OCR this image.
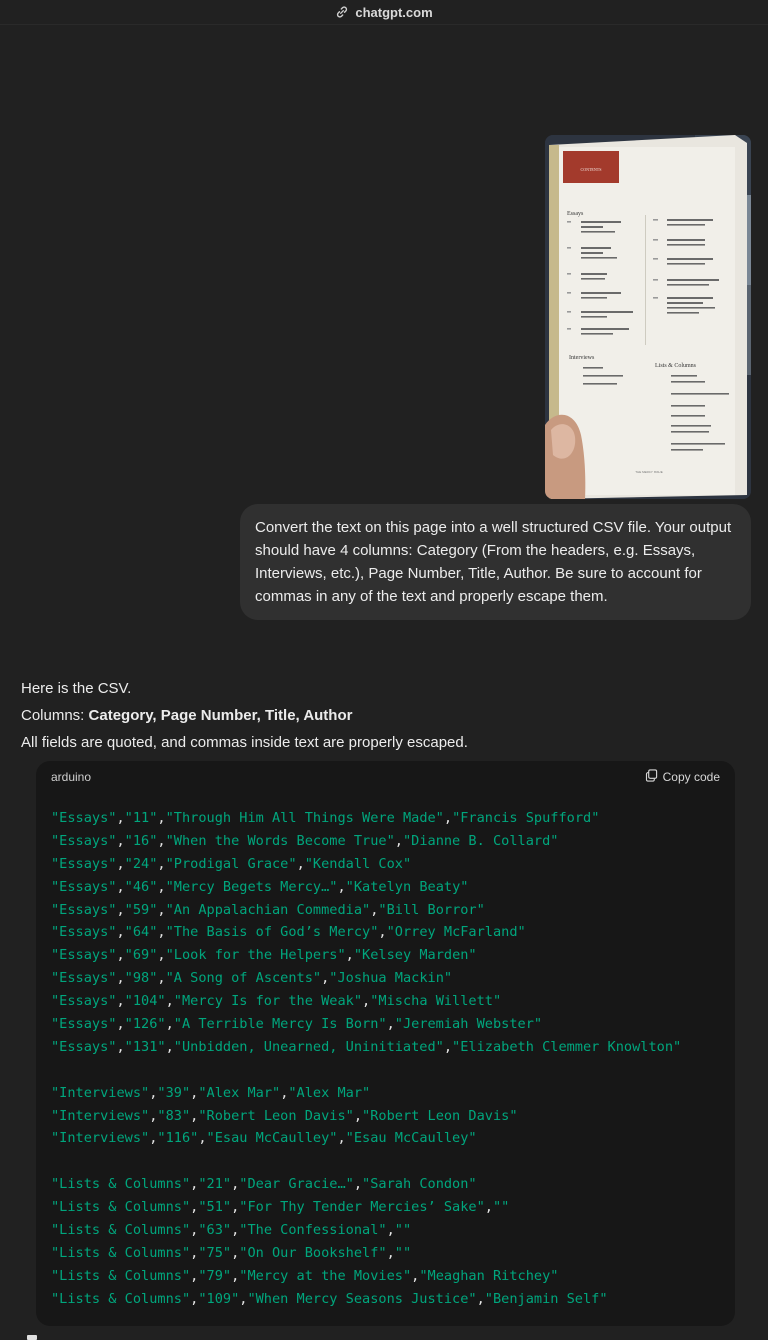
chatgpt.com
CONTENTS
Essays
Interviews
Lists & Columns
THE MERCY ISSUE
Convert the text on this page into a well structured CSV file. Your output should have 4 columns: Category (From the headers, e.g. Essays, Interviews, etc.), Page Number, Title, Author. Be sure to account for commas in any of the text and properly escape them.

Here is the CSV.

Columns: Category, Page Number, Title, Author

All fields are quoted, and commas inside text are properly escaped.

arduino	Copy code
"Essays","11","Through Him All Things Were Made","Francis Spufford"
"Essays","16","When the Words Become True","Dianne B. Collard"
"Essays","24","Prodigal Grace","Kendall Cox"
"Essays","46","Mercy Begets Mercy…","Katelyn Beaty"
"Essays","59","An Appalachian Commedia","Bill Borror"
"Essays","64","The Basis of God’s Mercy","Orrey McFarland"
"Essays","69","Look for the Helpers","Kelsey Marden"
"Essays","98","A Song of Ascents","Joshua Mackin"
"Essays","104","Mercy Is for the Weak","Mischa Willett"
"Essays","126","A Terrible Mercy Is Born","Jeremiah Webster"
"Essays","131","Unbidden, Unearned, Uninitiated","Elizabeth Clemmer Knowlton"
"Interviews","39","Alex Mar","Alex Mar"
"Interviews","83","Robert Leon Davis","Robert Leon Davis"
"Interviews","116","Esau McCaulley","Esau McCaulley"
"Lists & Columns","21","Dear Gracie…","Sarah Condon"
"Lists & Columns","51","For Thy Tender Mercies’ Sake",""
"Lists & Columns","63","The Confessional",""
"Lists & Columns","75","On Our Bookshelf",""
"Lists & Columns","79","Mercy at the Movies","Meaghan Ritchey"
"Lists & Columns","109","When Mercy Seasons Justice","Benjamin Self"
